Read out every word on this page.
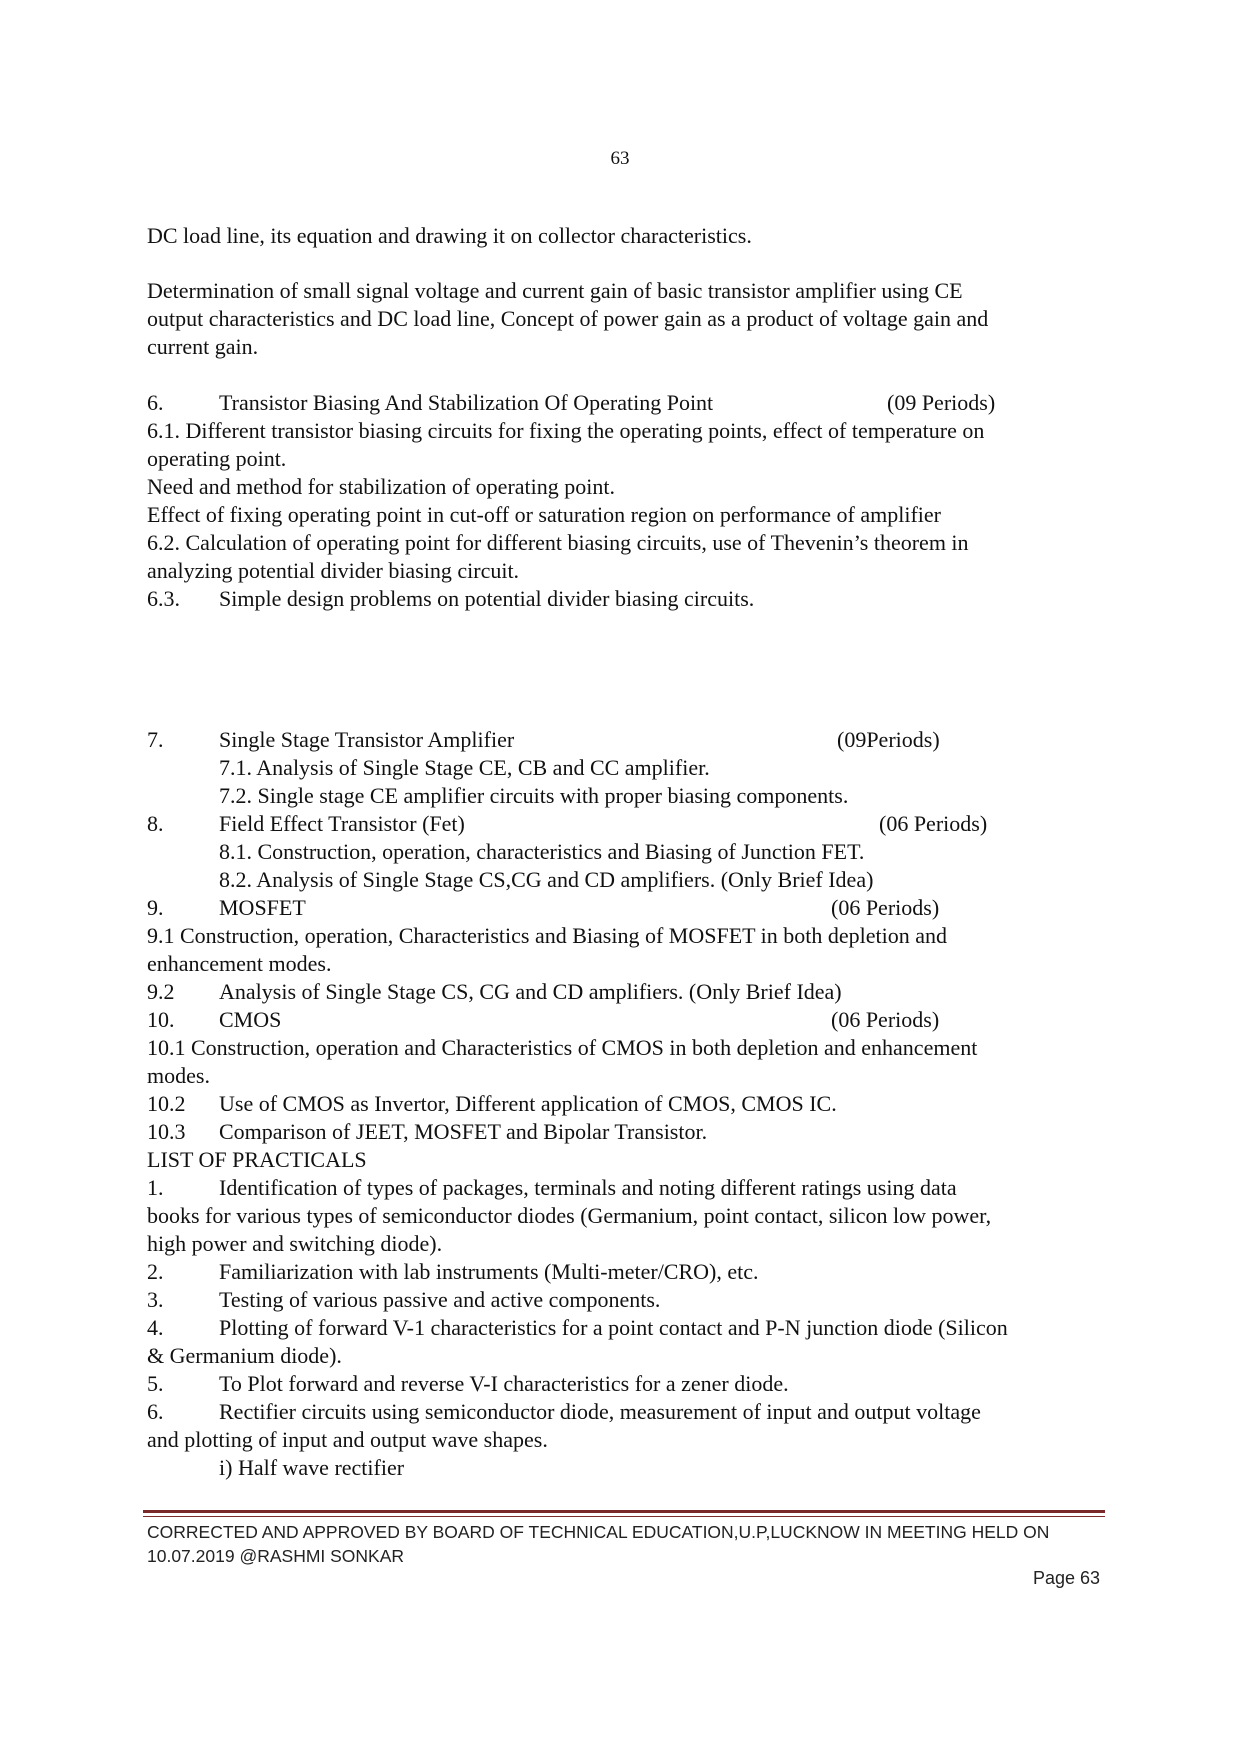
63
DC load line, its equation and drawing it on collector characteristics.
Determination of small signal voltage and current gain of basic transistor amplifier using CE
output characteristics and DC load line, Concept of power gain as a product of voltage gain and
current gain.
6.	Transistor Biasing And Stabilization Of Operating Point	(09 Periods)
6.1. Different transistor biasing circuits for fixing the operating points, effect of temperature on
operating point.
Need and method for stabilization of operating point.
Effect of fixing operating point in cut-off or saturation region on performance of amplifier
6.2. Calculation of operating point for different biasing circuits, use of Thevenin’s theorem in
analyzing potential divider biasing circuit.
6.3. Simple design problems on potential divider biasing circuits.
7.	Single Stage Transistor Amplifier	(09Periods)
7.1. Analysis of Single Stage CE, CB and CC amplifier.
7.2. Single stage CE amplifier circuits with proper biasing components.
8.	Field Effect Transistor (Fet)	(06 Periods)
8.1. Construction, operation, characteristics and Biasing of Junction FET.
8.2. Analysis of Single Stage CS,CG and CD amplifiers. (Only Brief Idea)
9.	MOSFET	(06 Periods)
9.1 Construction, operation, Characteristics and Biasing of MOSFET in both depletion and
enhancement modes.
9.2 Analysis of Single Stage CS, CG and CD amplifiers. (Only Brief Idea)
10. CMOS	(06 Periods)
10.1 Construction, operation and Characteristics of CMOS in both depletion and enhancement
modes.
10.2 Use of CMOS as Invertor, Different application of CMOS, CMOS IC.
10.3 Comparison of JEET, MOSFET and Bipolar Transistor.
LIST OF PRACTICALS
1.	Identification of types of packages, terminals and noting different ratings using data
books for various types of semiconductor diodes (Germanium, point contact, silicon low power,
high power and switching diode).
2.	Familiarization with lab instruments (Multi-meter/CRO), etc.
3.	Testing of various passive and active components.
4.	Plotting of forward V-1 characteristics for a point contact and P-N junction diode (Silicon
& Germanium diode).
5.	To Plot forward and reverse V-I characteristics for a zener diode.
6.	Rectifier circuits using semiconductor diode, measurement of input and output voltage
and plotting of input and output wave shapes.
i) Half wave rectifier
CORRECTED AND APPROVED BY BOARD OF TECHNICAL EDUCATION,U.P,LUCKNOW IN MEETING HELD ON
10.07.2019 @RASHMI SONKAR
Page 63
